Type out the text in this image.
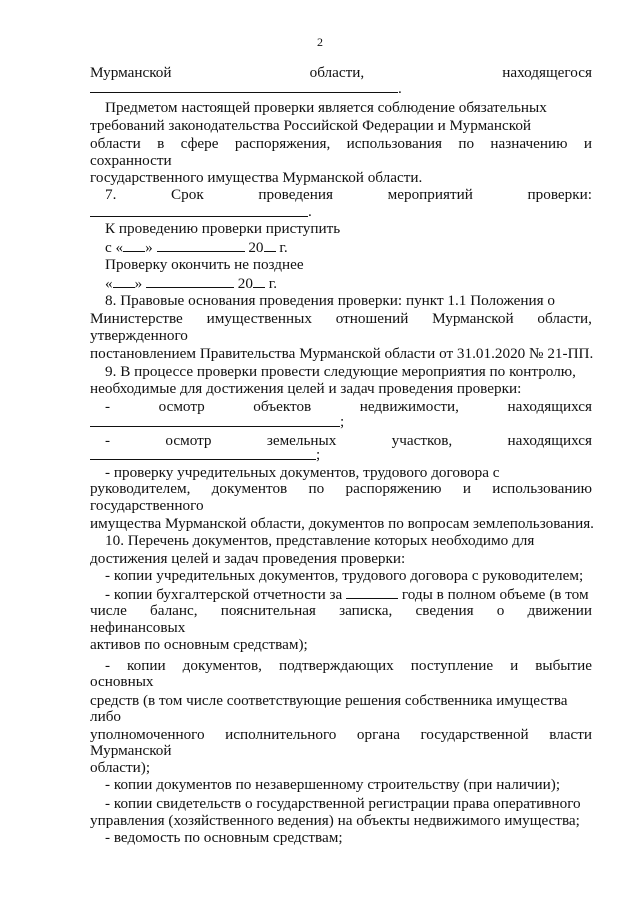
2
Мурманской	области,	находящегося
.
Предметом настоящей проверки является соблюдение обязательных
требований законодательства Российской Федерации и Мурманской
области в сфере распоряжения, использования по назначению и
сохранности
государственного имущества Мурманской области.
7.	Срок	проведения	мероприятий	проверки:
.
К проведению проверки приступить
с « »	20 г.
Проверку окончить не позднее
« »	20 г.
8. Правовые основания проведения проверки: пункт 1.1 Положения о
Министерстве имущественных отношений Мурманской области,
утвержденного
постановлением Правительства Мурманской области от 31.01.2020 № 21-ПП.
9. В процессе проверки провести следующие мероприятия по контролю,
необходимые для достижения целей и задач проведения проверки:
-	осмотр	объектов	недвижимости,	находящихся
;
-	осмотр	земельных	участков,	находящихся
;
- проверку учредительных документов, трудового договора с
руководителем, документов по распоряжению и использованию
государственного
имущества Мурманской области, документов по вопросам землепользования.
10. Перечень документов, представление которых необходимо для
достижения целей и задач проведения проверки:
- копии учредительных документов, трудового договора с руководителем;
- копии бухгалтерской отчетности за	годы в полном объеме (в том
числе баланс, пояснительная записка, сведения о движении
нефинансовых
активов по основным средствам);
- копии документов, подтверждающих поступление и выбытие
основных
средств (в том числе соответствующие решения собственника имущества
либо
уполномоченного исполнительного органа государственной власти
Мурманской
области);
- копии документов по незавершенному строительству (при наличии);
- копии свидетельств о государственной регистрации права оперативного
управления (хозяйственного ведения) на объекты недвижимого имущества;
- ведомость по основным средствам;
